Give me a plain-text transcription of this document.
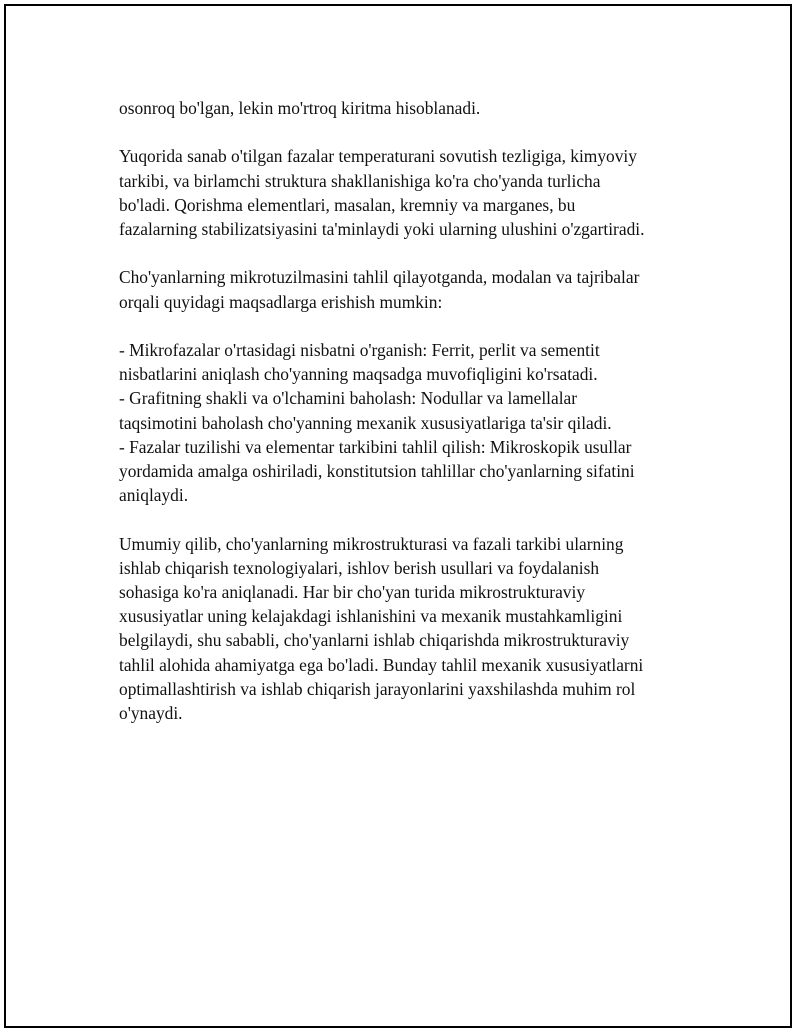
osonroq bo'lgan, lekin mo'rtroq kiritma hisoblanadi.

Yuqorida sanab o'tilgan fazalar temperaturani sovutish tezligiga, kimyoviy
tarkibi, va birlamchi struktura shakllanishiga ko'ra cho'yanda turlicha
bo'ladi. Qorishma elementlari, masalan, kremniy va marganes, bu
fazalarning stabilizatsiyasini ta'minlaydi yoki ularning ulushini o'zgartiradi.

Cho'yanlarning mikrotuzilmasini tahlil qilayotganda, modalan va tajribalar
orqali quyidagi maqsadlarga erishish mumkin:

- Mikrofazalar o'rtasidagi nisbatni o'rganish: Ferrit, perlit va sementit
nisbatlarini aniqlash cho'yanning maqsadga muvofiqligini ko'rsatadi.
- Grafitning shakli va o'lchamini baholash: Nodullar va lamellalar
taqsimotini baholash cho'yanning mexanik xususiyatlariga ta'sir qiladi.
- Fazalar tuzilishi va elementar tarkibini tahlil qilish: Mikroskopik usullar
yordamida amalga oshiriladi, konstitutsion tahlillar cho'yanlarning sifatini
aniqlaydi.

Umumiy qilib, cho'yanlarning mikrostrukturasi va fazali tarkibi ularning
ishlab chiqarish texnologiyalari, ishlov berish usullari va foydalanish
sohasiga ko'ra aniqlanadi. Har bir cho'yan turida mikrostrukturaviy
xususiyatlar uning kelajakdagi ishlanishini va mexanik mustahkamligini
belgilaydi, shu sababli, cho'yanlarni ishlab chiqarishda mikrostrukturaviy
tahlil alohida ahamiyatga ega bo'ladi. Bunday tahlil mexanik xususiyatlarni
optimallashtirish va ishlab chiqarish jarayonlarini yaxshilashda muhim rol
o'ynaydi.
